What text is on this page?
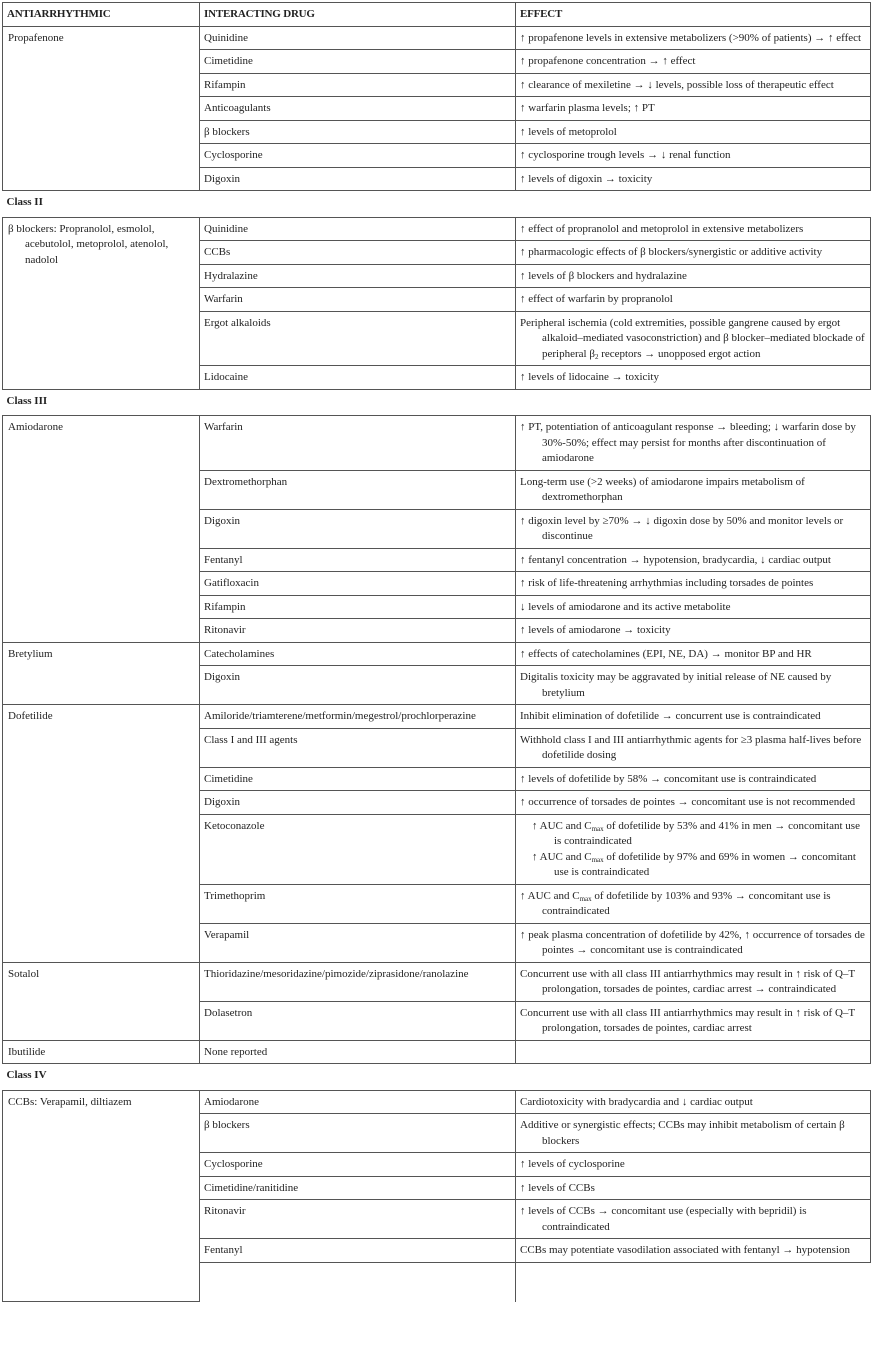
ANTIARRHYTHMIC	INTERACTING DRUG	EFFECT
Propafenone	Quinidine	↑ propafenone levels in extensive metabolizers (>90% of patients) → ↑ effect
	Cimetidine	↑ propafenone concentration → ↑ effect
	Rifampin	↑ clearance of mexiletine → ↓ levels, possible loss of therapeutic effect
	Anticoagulants	↑ warfarin plasma levels; ↑ PT
	β blockers	↑ levels of metoprolol
	Cyclosporine	↑ cyclosporine trough levels → ↓ renal function
	Digoxin	↑ levels of digoxin → toxicity
Class II		
β blockers: Propranolol, esmolol, acebutolol, metoprolol, atenolol, nadolol	Quinidine	↑ effect of propranolol and metoprolol in extensive metabolizers
	CCBs	↑ pharmacologic effects of β blockers/synergistic or additive activity
	Hydralazine	↑ levels of β blockers and hydralazine
	Warfarin	↑ effect of warfarin by propranolol
	Ergot alkaloids	Peripheral ischemia (cold extremities, possible gangrene caused by ergot alkaloid–mediated vasoconstriction) and β blocker–mediated blockade of peripheral $\beta_2$ receptors → unopposed ergot action
	Lidocaine	↑ levels of lidocaine → toxicity
Class III		
Amiodarone	Warfarin	↑ PT, potentiation of anticoagulant response → bleeding; ↓ warfarin dose by 30%-50%; effect may persist for months after discontinuation of amiodarone
	Dextromethorphan	Long-term use (>2 weeks) of amiodarone impairs metabolism of dextromethorphan
	Digoxin	↑ digoxin level by ≥70% → ↓ digoxin dose by 50% and monitor levels or discontinue
	Fentanyl	↑ fentanyl concentration → hypotension, bradycardia, ↓ cardiac output
	Gatifloxacin	↑ risk of life-threatening arrhythmias including torsades de pointes
	Rifampin	↓ levels of amiodarone and its active metabolite
	Ritonavir	↑ levels of amiodarone → toxicity
Bretylium	Catecholamines	↑ effects of catecholamines (EPI, NE, DA) → monitor BP and HR
	Digoxin	Digitalis toxicity may be aggravated by initial release of NE caused by bretylium
Dofetilide	Amiloride/triamterene/metformin/megestrol/prochlorperazine	Inhibit elimination of dofetilide → concurrent use is contraindicated
	Class I and III agents	Withhold class I and III antiarrhythmic agents for ≥3 plasma half-lives before dofetilide dosing
	Cimetidine	↑ levels of dofetilide by 58% → concomitant use is contraindicated
	Digoxin	↑ occurrence of torsades de pointes → concomitant use is not recommended
	Ketoconazole	↑ AUC and $C_{max}$ of dofetilide by 53% and 41% in men → concomitant use is contraindicated
↑ AUC and $C_{max}$ of dofetilide by 97% and 69% in women → concomitant use is contraindicated

	Trimethoprim	↑ AUC and $C_{max}$ of dofetilide by 103% and 93% → concomitant use is contraindicated
	Verapamil	↑ peak plasma concentration of dofetilide by 42%, ↑ occurrence of torsades de pointes → concomitant use is contraindicated
Sotalol	Thioridazine/mesoridazine/pimozide/ziprasidone/ranolazine	Concurrent use with all class III antiarrhythmics may result in ↑ risk of Q–T prolongation, torsades de pointes, cardiac arrest → contraindicated
	Dolasetron	Concurrent use with all class III antiarrhythmics may result in ↑ risk of Q–T prolongation, torsades de pointes, cardiac arrest
Ibutilide	None reported	
Class IV		
CCBs: Verapamil, diltiazem	Amiodarone	Cardiotoxicity with bradycardia and ↓ cardiac output
	β blockers	Additive or synergistic effects; CCBs may inhibit metabolism of certain β blockers
	Cyclosporine	↑ levels of cyclosporine
	Cimetidine/ranitidine	↑ levels of CCBs
	Ritonavir	↑ levels of CCBs → concomitant use (especially with bepridil) is contraindicated
	Fentanyl	CCBs may potentiate vasodilation associated with fentanyl → hypotension
